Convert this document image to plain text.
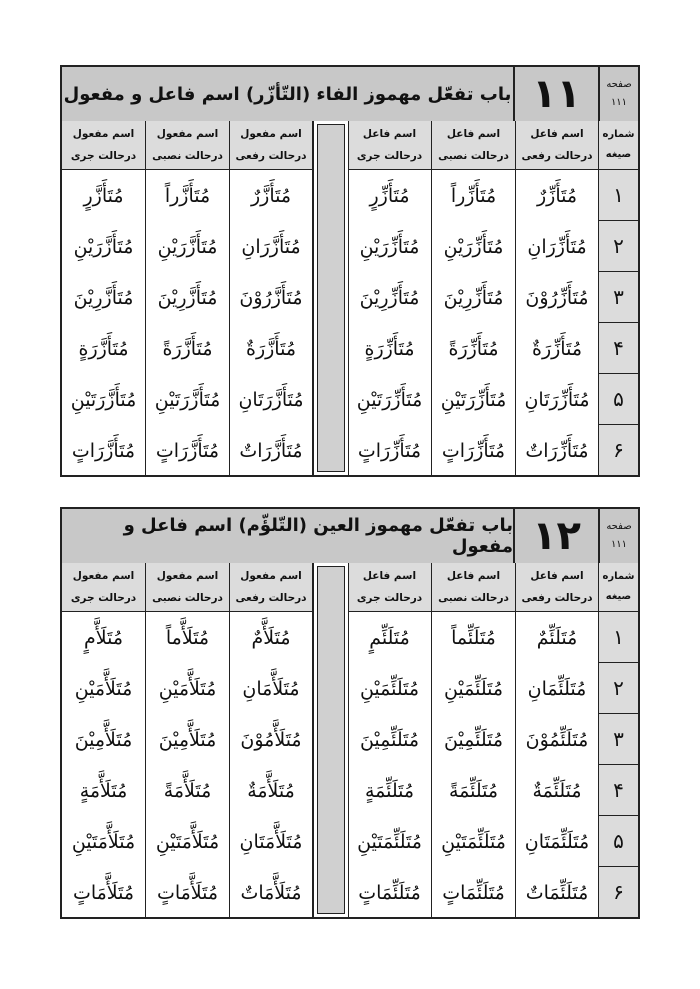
باب تفعّل مهموز الفاء (التّأزّر) اسم فاعل و مفعول ۱۱	صفحه
۱۱۱
اسم مفعول
درحالت جری
مُتَأَزَّرٍ
مُتَأَزَّرَيْنِ
مُتَأَزَّرِيْنَ
مُتَأَزَّرَةٍ
مُتَأَزَّرَتَيْنِ
مُتَأَزَّرَاتٍ
اسم مفعول
درحالت نصبی
مُتَأَزَّراً
مُتَأَزَّرَيْنِ
مُتَأَزَّرِيْنَ
مُتَأَزَّرَةً
مُتَأَزَّرَتَيْنِ
مُتَأَزَّرَاتٍ
اسم مفعول
درحالت رفعی
مُتَأَزَّرٌ
مُتَأَزَّرَانِ
مُتَأَزَّرُوْنَ
مُتَأَزَّرَةٌ
مُتَأَزَّرَتَانِ
مُتَأَزَّرَاتٌ
اسم فاعل
درحالت جری
مُتَأَزِّرٍ
مُتَأَزِّرَيْنِ
مُتَأَزِّرِيْنَ
مُتَأَزِّرَةٍ
مُتَأَزِّرَتَيْنِ
مُتَأَزِّرَاتٍ
اسم فاعل
درحالت نصبی
مُتَأَزِّراً
مُتَأَزِّرَيْنِ
مُتَأَزِّرِيْنَ
مُتَأَزِّرَةً
مُتَأَزِّرَتَيْنِ
مُتَأَزِّرَاتٍ
اسم فاعل
درحالت رفعی
مُتَأَزِّرٌ
مُتَأَزِّرَانِ
مُتَأَزِّرُوْنَ
مُتَأَزِّرَةٌ
مُتَأَزِّرَتَانِ
مُتَأَزِّرَاتٌ
شماره
صیغه
۱
۲
۳
۴
۵
۶
باب تفعّل مهموز العین (التّلؤّم) اسم فاعل و مفعول ۱۲	صفحه
۱۱۱
اسم مفعول
درحالت جری
مُتَلَأَّمٍ
مُتَلَأَّمَيْنِ
مُتَلَأَّمِيْنَ
مُتَلَأَّمَةٍ
مُتَلَأَّمَتَيْنِ
مُتَلَأَّمَاتٍ
اسم مفعول
درحالت نصبی
مُتَلَأَّماً
مُتَلَأَّمَيْنِ
مُتَلَأَّمِيْنَ
مُتَلَأَّمَةً
مُتَلَأَّمَتَيْنِ
مُتَلَأَّمَاتٍ
اسم مفعول
درحالت رفعی
مُتَلَأَّمٌ
مُتَلَأَّمَانِ
مُتَلَأَّمُوْنَ
مُتَلَأَّمَةٌ
مُتَلَأَّمَتَانِ
مُتَلَأَّمَاتٌ
اسم فاعل
درحالت جری
مُتَلَئِّمٍ
مُتَلَئِّمَيْنِ
مُتَلَئِّمِيْنَ
مُتَلَئِّمَةٍ
مُتَلَئِّمَتَيْنِ
مُتَلَئِّمَاتٍ
اسم فاعل
درحالت نصبی
مُتَلَئِّماً
مُتَلَئِّمَيْنِ
مُتَلَئِّمِيْنَ
مُتَلَئِّمَةً
مُتَلَئِّمَتَيْنِ
مُتَلَئِّمَاتٍ
اسم فاعل
درحالت رفعی
مُتَلَئِّمٌ
مُتَلَئِّمَانِ
مُتَلَئِّمُوْنَ
مُتَلَئِّمَةٌ
مُتَلَئِّمَتَانِ
مُتَلَئِّمَاتٌ
شماره
صیغه
۱
۲
۳
۴
۵
۶
